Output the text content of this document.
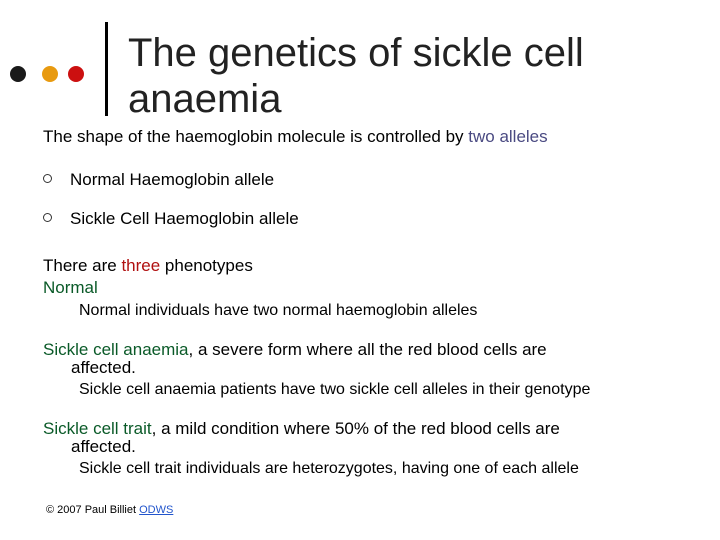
The genetics of sickle cell anaemia
The shape of the haemoglobin molecule is controlled by two alleles
Normal Haemoglobin allele
Sickle Cell Haemoglobin allele
There are three phenotypes
Normal
Normal individuals have two normal haemoglobin alleles
Sickle cell anaemia, a severe form where all the red blood cells are
affected.
Sickle cell anaemia patients have two sickle cell alleles in their genotype
Sickle cell trait, a mild condition where 50% of the red blood cells are
affected.
Sickle cell trait individuals are heterozygotes, having one of each allele
© 2007 Paul Billiet ODWS
